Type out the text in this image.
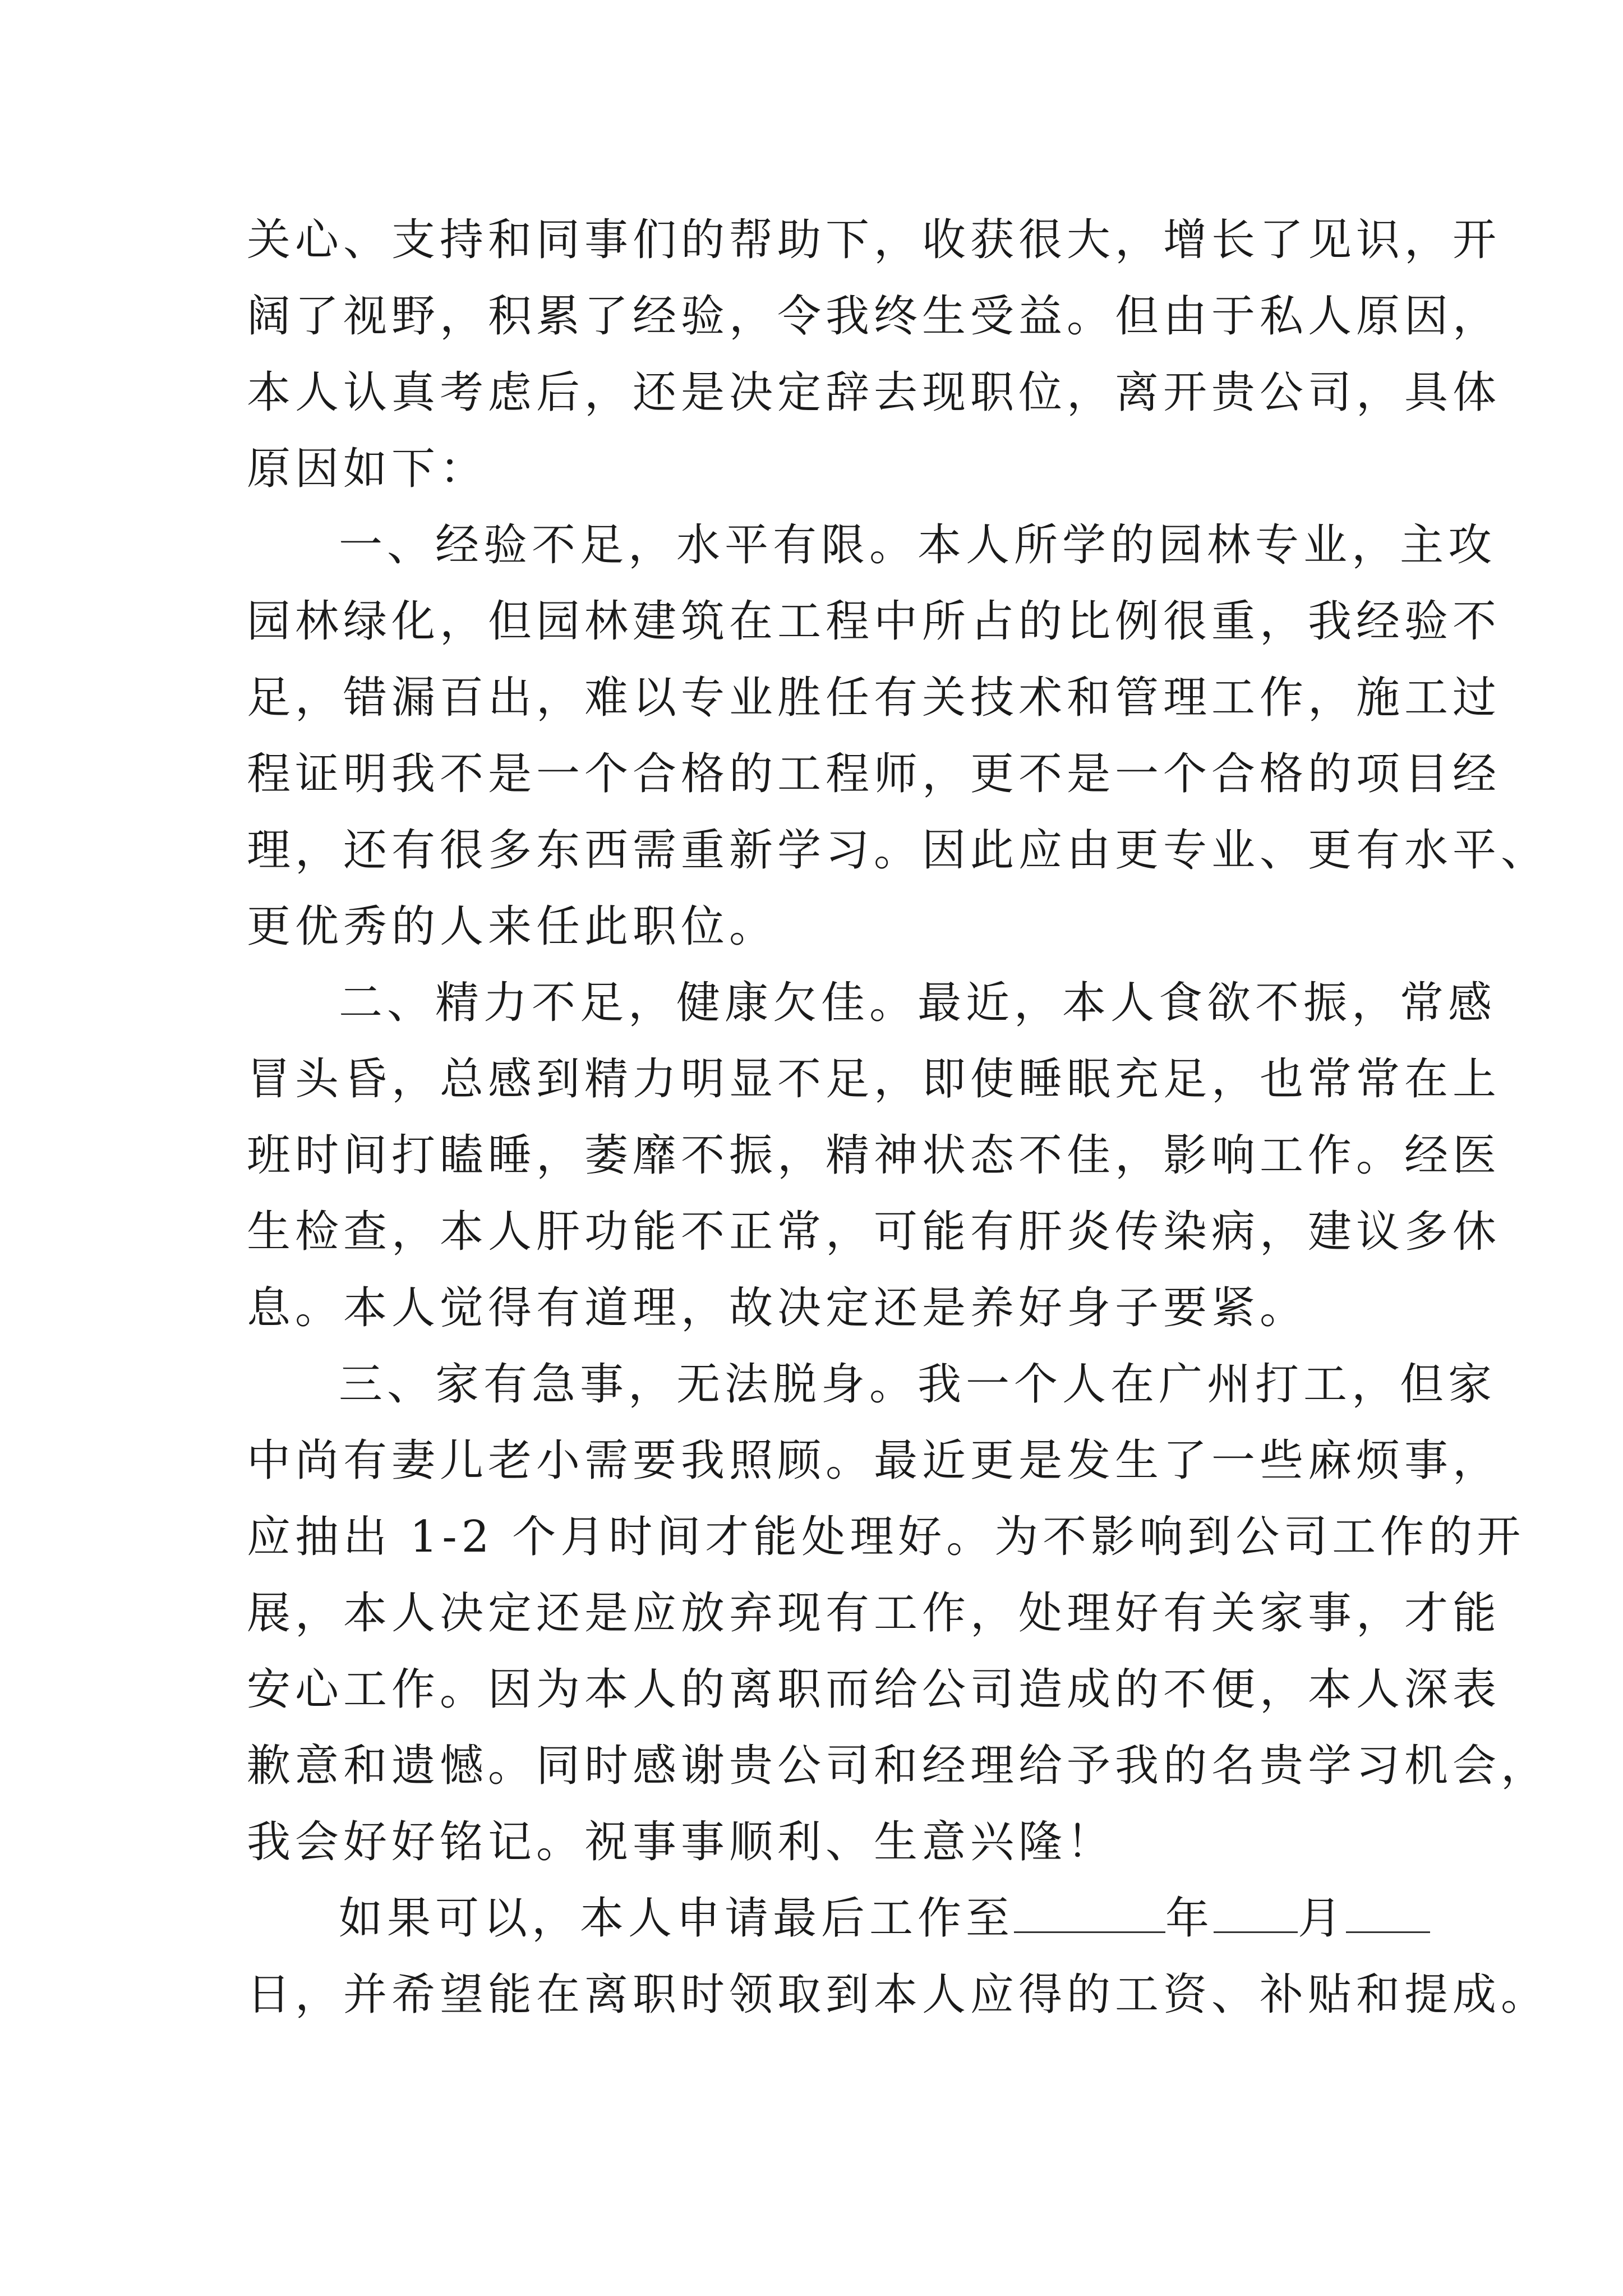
关心、支持和同事们的帮助下，收获很大，增长了见识，开
阔了视野，积累了经验，令我终生受益。但由于私人原因，
本人认真考虑后，还是决定辞去现职位，离开贵公司，具体
原因如下：
一、经验不足，水平有限。本人所学的园林专业，主攻
园林绿化，但园林建筑在工程中所占的比例很重，我经验不
足，错漏百出，难以专业胜任有关技术和管理工作，施工过
程证明我不是一个合格的工程师，更不是一个合格的项目经
理，还有很多东西需重新学习。因此应由更专业、更有水平、
更优秀的人来任此职位。
二、精力不足，健康欠佳。最近，本人食欲不振，常感
冒头昏，总感到精力明显不足，即使睡眠充足，也常常在上
班时间打瞌睡，萎靡不振，精神状态不佳，影响工作。经医
生检查，本人肝功能不正常，可能有肝炎传染病，建议多休
息。本人觉得有道理，故决定还是养好身子要紧。
三、家有急事，无法脱身。我一个人在广州打工，但家
中尚有妻儿老小需要我照顾。最近更是发生了一些麻烦事，
应抽出 1-2 个月时间才能处理好。为不影响到公司工作的开
展，本人决定还是应放弃现有工作，处理好有关家事，才能
安心工作。因为本人的离职而给公司造成的不便，本人深表
歉意和遗憾。同时感谢贵公司和经理给予我的名贵学习机会，
我会好好铭记。祝事事顺利、生意兴隆！
如果可以，本人申请最后工作至	年 月
日，并希望能在离职时领取到本人应得的工资、补贴和提成。
